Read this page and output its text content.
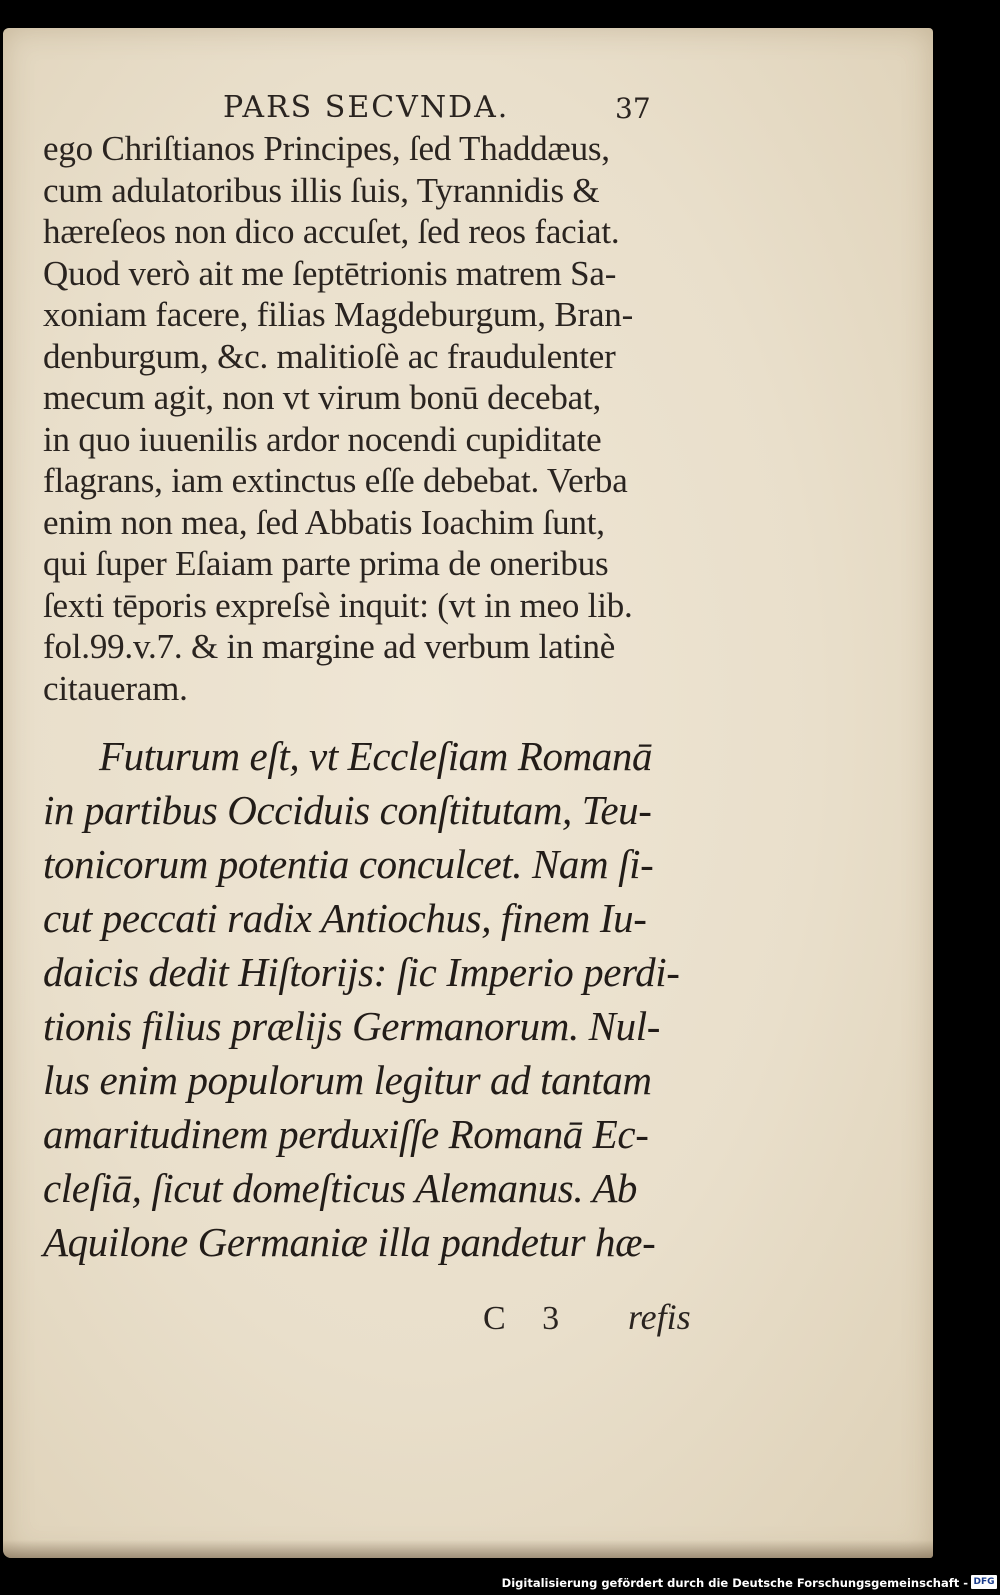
PARS SECVNDA.	37
ego Chriſtianos Principes, ſed Thaddæus,
cum adulatoribus illis ſuis, Tyrannidis &
hæreſeos non dico accuſet, ſed reos faciat.
Quod verò ait me ſeptētrionis matrem Sa-
xoniam facere, filias Magdeburgum, Bran-
denburgum, &c. malitioſè ac fraudulenter
mecum agit, non vt virum bonū decebat,
in quo iuuenilis ardor nocendi cupiditate
flagrans, iam extinctus eſſe debebat. Verba
enim non mea, ſed Abbatis Ioachim ſunt,
qui ſuper Eſaiam parte prima de oneribus
ſexti tēporis expreſsè inquit: (vt in meo lib.
fol.99.v.7. & in margine ad verbum latinè
citaueram.
Futurum eſt, vt Eccleſiam Romanā
in partibus Occiduis conſtitutam, Teu-
tonicorum potentia conculcet. Nam ſi-
cut peccati radix Antiochus, finem Iu-
daicis dedit Hiſtorijs: ſic Imperio perdi-
tionis filius prælijs Germanorum. Nul-
lus enim populorum legitur ad tantam
amaritudinem perduxiſſe Romanā Ec-
cleſiā, ſicut domeſticus Alemanus. Ab
Aquilone Germaniæ illa pandetur hæ-
C 3 refis
Digitalisierung gefördert durch die Deutsche Forschungsgemeinschaft - DFG
